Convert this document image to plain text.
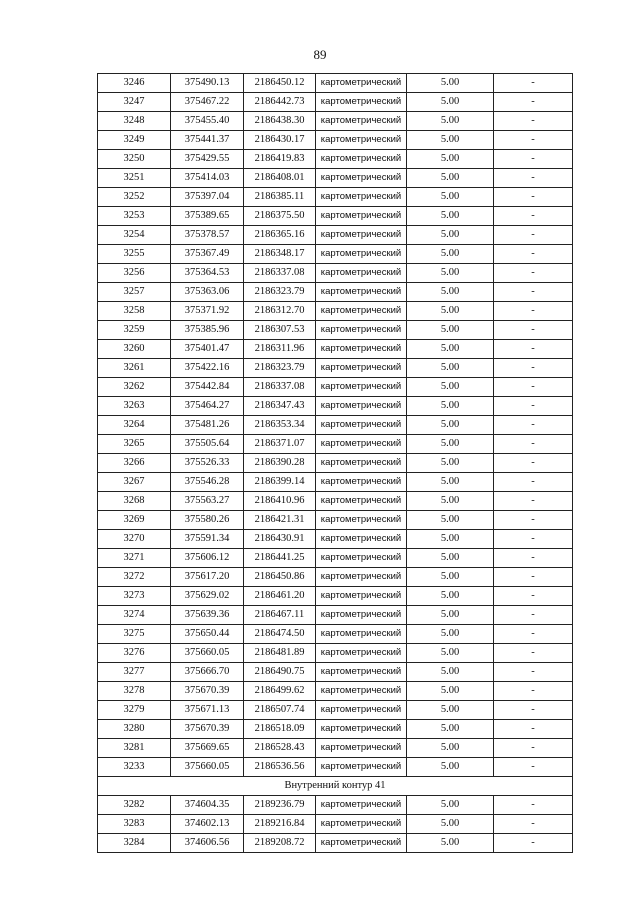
89
3246	375490.13	2186450.12	картометрический	5.00	-
3247	375467.22	2186442.73	картометрический	5.00	-
3248	375455.40	2186438.30	картометрический	5.00	-
3249	375441.37	2186430.17	картометрический	5.00	-
3250	375429.55	2186419.83	картометрический	5.00	-
3251	375414.03	2186408.01	картометрический	5.00	-
3252	375397.04	2186385.11	картометрический	5.00	-
3253	375389.65	2186375.50	картометрический	5.00	-
3254	375378.57	2186365.16	картометрический	5.00	-
3255	375367.49	2186348.17	картометрический	5.00	-
3256	375364.53	2186337.08	картометрический	5.00	-
3257	375363.06	2186323.79	картометрический	5.00	-
3258	375371.92	2186312.70	картометрический	5.00	-
3259	375385.96	2186307.53	картометрический	5.00	-
3260	375401.47	2186311.96	картометрический	5.00	-
3261	375422.16	2186323.79	картометрический	5.00	-
3262	375442.84	2186337.08	картометрический	5.00	-
3263	375464.27	2186347.43	картометрический	5.00	-
3264	375481.26	2186353.34	картометрический	5.00	-
3265	375505.64	2186371.07	картометрический	5.00	-
3266	375526.33	2186390.28	картометрический	5.00	-
3267	375546.28	2186399.14	картометрический	5.00	-
3268	375563.27	2186410.96	картометрический	5.00	-
3269	375580.26	2186421.31	картометрический	5.00	-
3270	375591.34	2186430.91	картометрический	5.00	-
3271	375606.12	2186441.25	картометрический	5.00	-
3272	375617.20	2186450.86	картометрический	5.00	-
3273	375629.02	2186461.20	картометрический	5.00	-
3274	375639.36	2186467.11	картометрический	5.00	-
3275	375650.44	2186474.50	картометрический	5.00	-
3276	375660.05	2186481.89	картометрический	5.00	-
3277	375666.70	2186490.75	картометрический	5.00	-
3278	375670.39	2186499.62	картометрический	5.00	-
3279	375671.13	2186507.74	картометрический	5.00	-
3280	375670.39	2186518.09	картометрический	5.00	-
3281	375669.65	2186528.43	картометрический	5.00	-
3233	375660.05	2186536.56	картометрический	5.00	-
Внутренний контур 41					
3282	374604.35	2189236.79	картометрический	5.00	-
3283	374602.13	2189216.84	картометрический	5.00	-
3284	374606.56	2189208.72	картометрический	5.00	-
